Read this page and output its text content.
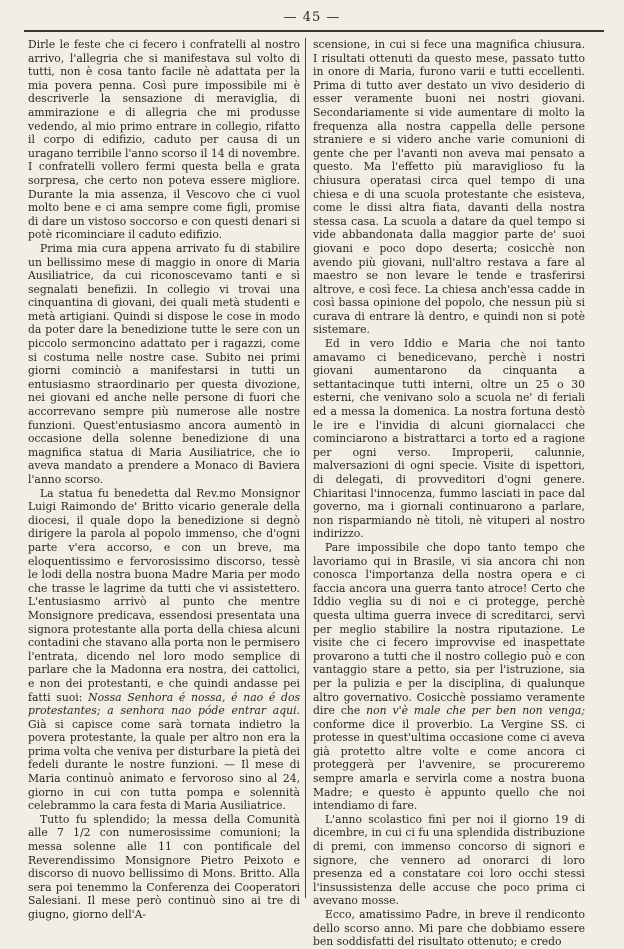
— 45 —

Dirle le feste che ci fecero i confratelli al nostro arrivo, l'allegria che si manifestava sul volto di tutti, non è cosa tanto facile nè adattata per la mia povera penna. Così pure impossibile mi è descriverle la sensazione di meraviglia, di ammirazione e di allegria che mi produsse vedendo, al mio primo entrare in collegio, rifatto il corpo di edifizio, caduto per causa di un uragano terribile l'anno scorso il 14 di novembre. I confratelli vollero fermi questa bella e grata sorpresa, che certo non poteva essere migliore. Durante la mia assenza, il Vescovo che ci vuol molto bene e ci ama sempre come figli, promise di dare un vistoso soccorso e con questi denari si potè ricominciare il caduto edifizio.

Prima mia cura appena arrivato fu di stabilire un bellissimo mese di maggio in onore di Maria Ausiliatrice, da cui riconoscevamo tanti e sì segnalati benefizii. In collegio vi trovai una cinquantina di giovani, dei quali metà studenti e metà artigiani. Quindi si dispose le cose in modo da poter dare la benedizione tutte le sere con un piccolo sermoncino adattato per i ragazzi, come si costuma nelle nostre case. Subito nei primi giorni cominciò a manifestarsi in tutti un entusiasmo straordinario per questa divozione, nei giovani ed anche nelle persone di fuori che accorrevano sempre più numerose alle nostre funzioni. Quest'entusiasmo ancora aumentò in occasione della solenne benedizione di una magnifica statua di Maria Ausiliatrice, che io aveva mandato a prendere a Monaco di Baviera l'anno scorso.

La statua fu benedetta dal Rev.mo Monsignor Luigi Raimondo de' Britto vicario generale della diocesi, il quale dopo la benedizione si degnò dirigere la parola al popolo immenso, che d'ogni parte v'era accorso, e con un breve, ma eloquentissimo e fervorosissimo discorso, tessè le lodi della nostra buona Madre Maria per modo che trasse le lagrime da tutti che vi assistettero. L'entusiasmo arrivò al punto che mentre Monsignore predicava, essendosi presentata una signora protestante alla porta della chiesa alcuni contadini che stavano alla porta non le permisero l'entrata, dicendo nel loro modo semplice di parlare che la Madonna era nostra, dei cattolici, e non dei protestanti, e che quindi andasse pei fatti suoi: Nossa Senhora é nossa, é nao é dos protestantes; a senhora nao póde entrar aqui. Già si capisce come sarà tornata indietro la povera protestante, la quale per altro non era la prima volta che veniva per disturbare la pietà dei fedeli durante le nostre funzioni. — Il mese di Maria continuò animato e fervoroso sino al 24, giorno in cui con tutta pompa e solennità celebrammo la cara festa di Maria Ausiliatrice.

Tutto fu splendido; la messa della Comunità alle 7 1/2 con numerosissime comunioni; la messa solenne alle 11 con pontificale del Reverendissimo Monsignore Pietro Peixoto e discorso di nuovo bellissimo di Mons. Britto. Alla sera poi tenemmo la Conferenza dei Cooperatori Salesiani. Il mese però continuò sino ai tre di giugno, giorno dell'A-

scensione, in cui si fece una magnifica chiusura. I risultati ottenuti da questo mese, passato tutto in onore di Maria, furono varii e tutti eccellenti. Prima di tutto aver destato un vivo desiderio di esser veramente buoni nei nostri giovani. Secondariamente si vide aumentare di molto la frequenza alla nostra cappella delle persone straniere e si videro anche varie comunioni di gente che per l'avanti non aveva mai pensato a questo. Ma l'effetto più maraviglioso fu la chiusura operatasi circa quel tempo di una chiesa e di una scuola protestante che esisteva, come le dissi altra fiata, davanti della nostra stessa casa. La scuola a datare da quel tempo si vide abbandonata dalla maggior parte de' suoi giovani e poco dopo deserta; cosicchè non avendo più giovani, null'altro restava a fare al maestro se non levare le tende e trasferirsi altrove, e così fece. La chiesa anch'essa cadde in così bassa opinione del popolo, che nessun più si curava di entrare là dentro, e quindi non si potè sistemare.

Ed in vero Iddio e Maria che noi tanto amavamo ci benedicevano, perchè i nostri giovani aumentarono da cinquanta a settantacinque tutti interni, oltre un 25 o 30 esterni, che venivano solo a scuola ne' di feriali ed a messa la domenica. La nostra fortuna destò le ire e l'invidia di alcuni giornalacci che cominciarono a bistrattarci a torto ed a ragione per ogni verso. Improperii, calunnie, malversazioni di ogni specie. Visite di ispettori, di delegati, di provveditori d'ogni genere. Chiaritasi l'innocenza, fummo lasciati in pace dal governo, ma i giornali continuarono a parlare, non risparmiando nè titoli, nè vituperi al nostro indirizzo.

Pare impossibile che dopo tanto tempo che lavoriamo qui in Brasile, vi sia ancora chi non conosca l'importanza della nostra opera e ci faccia ancora una guerra tanto atroce! Certo che Iddio veglia su di noi e ci protegge, perchè questa ultima guerra invece di screditarci, servì per meglio stabilire la nostra riputazione. Le visite che ci fecero improvvise ed inaspettate provarono a tutti che il nostro collegio può e con vantaggio stare a petto, sia per l'istruzione, sia per la pulizia e per la disciplina, di qualunque altro governativo. Cosicchè possiamo veramente dire che non v'è male che per ben non venga; conforme dice il proverbio. La Vergine SS. ci protesse in quest'ultima occasione come ci aveva già protetto altre volte e come ancora ci proteggerà per l'avvenire, se procureremo sempre amarla e servirla come a nostra buona Madre; e questo è appunto quello che noi intendiamo di fare.

L'anno scolastico finì per noi il giorno 19 di dicembre, in cui ci fu una splendida distribuzione di premi, con immenso concorso di signori e signore, che vennero ad onorarci di loro presenza ed a constatare coi loro occhi stessi l'insussistenza delle accuse che poco prima ci avevano mosse.

Ecco, amatissimo Padre, in breve il rendiconto dello scorso anno. Mi pare che dobbiamo essere ben soddisfatti del risultato ottenuto; e credo
